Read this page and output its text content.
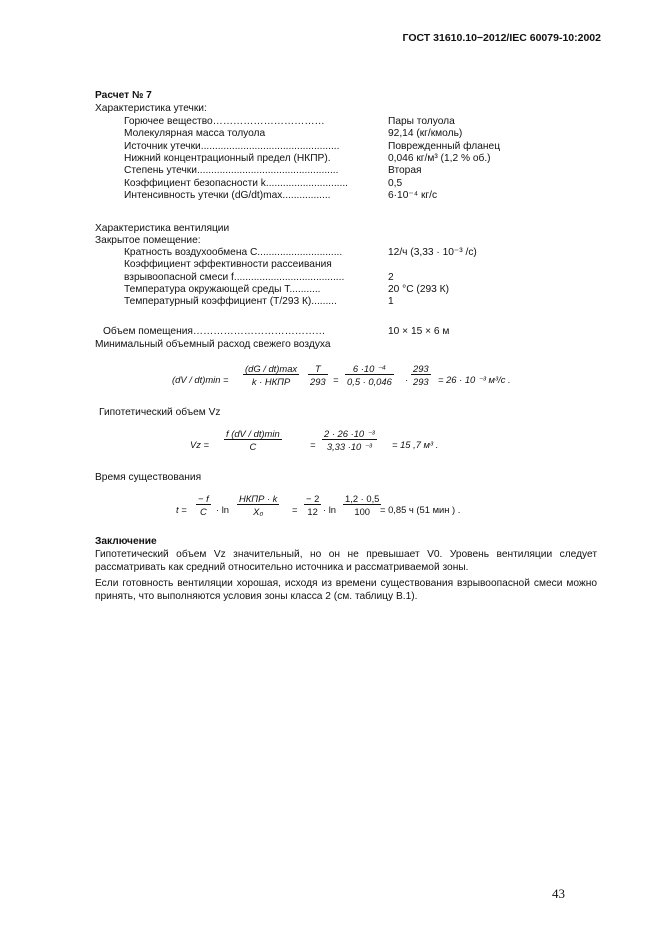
ГОСТ 31610.10−2012/IEC 60079-10:2002
Расчет № 7
Характеристика утечки:
Горючее вещество……………………………	Пары толуола
Молекулярная масса толуола	92,14 (кг/кмоль)
Источник утечки.................................................	Поврежденный фланец
Нижний концентрационный предел (НКПР).	0,046 кг/м³ (1,2 % об.)
Степень утечки..................................................	Вторая
Коэффициент безопасности k.............................	0,5
Интенсивность утечки (dG/dt)max.................	6·10⁻⁴ кг/с
Характеристика вентиляции
Закрытое помещение:
Кратность воздухообмена С..............................	12/ч (3,33 · 10⁻³ /с)
Коэффициент эффективности рассеивания
взрывоопасной смеси f.......................................	2
Температура окружающей среды T...........	20 °С (293 К)
Температурный коэффициент (T/293 К).........	1
Объем помещения…………………………………	10 × 15 × 6 м
Минимальный объемный расход свежего воздуха
(dV / dt)min =
(dG / dt)max
k · НКПР
T
293 =
6 ·10 ⁻⁴
0,5 · 0,046 ·
293
293 = 26 · 10 ⁻³ м³/с .
Гипотетический объем Vz
Vz =
f (dV / dt)min
C	=
2 · 26 ·10 ⁻³
3,33 ·10 ⁻³ = 15 ,7 м³ .
Время существования
t =
− f
C · ln
НКПР · k
X₀	=
− 2
12 · ln
1,2 · 0,5
100 = 0,85 ч (51 мин ) .
Заключение
Гипотетический объем Vz значительный, но он не превышает V0. Уровень вентиляции следует рассматривать как средний относительно источника и рассматриваемой зоны.
Если готовность вентиляции хорошая, исходя из времени существования взрывоопасной смеси можно принять, что выполняются условия зоны класса 2 (см. таблицу В.1).
43
